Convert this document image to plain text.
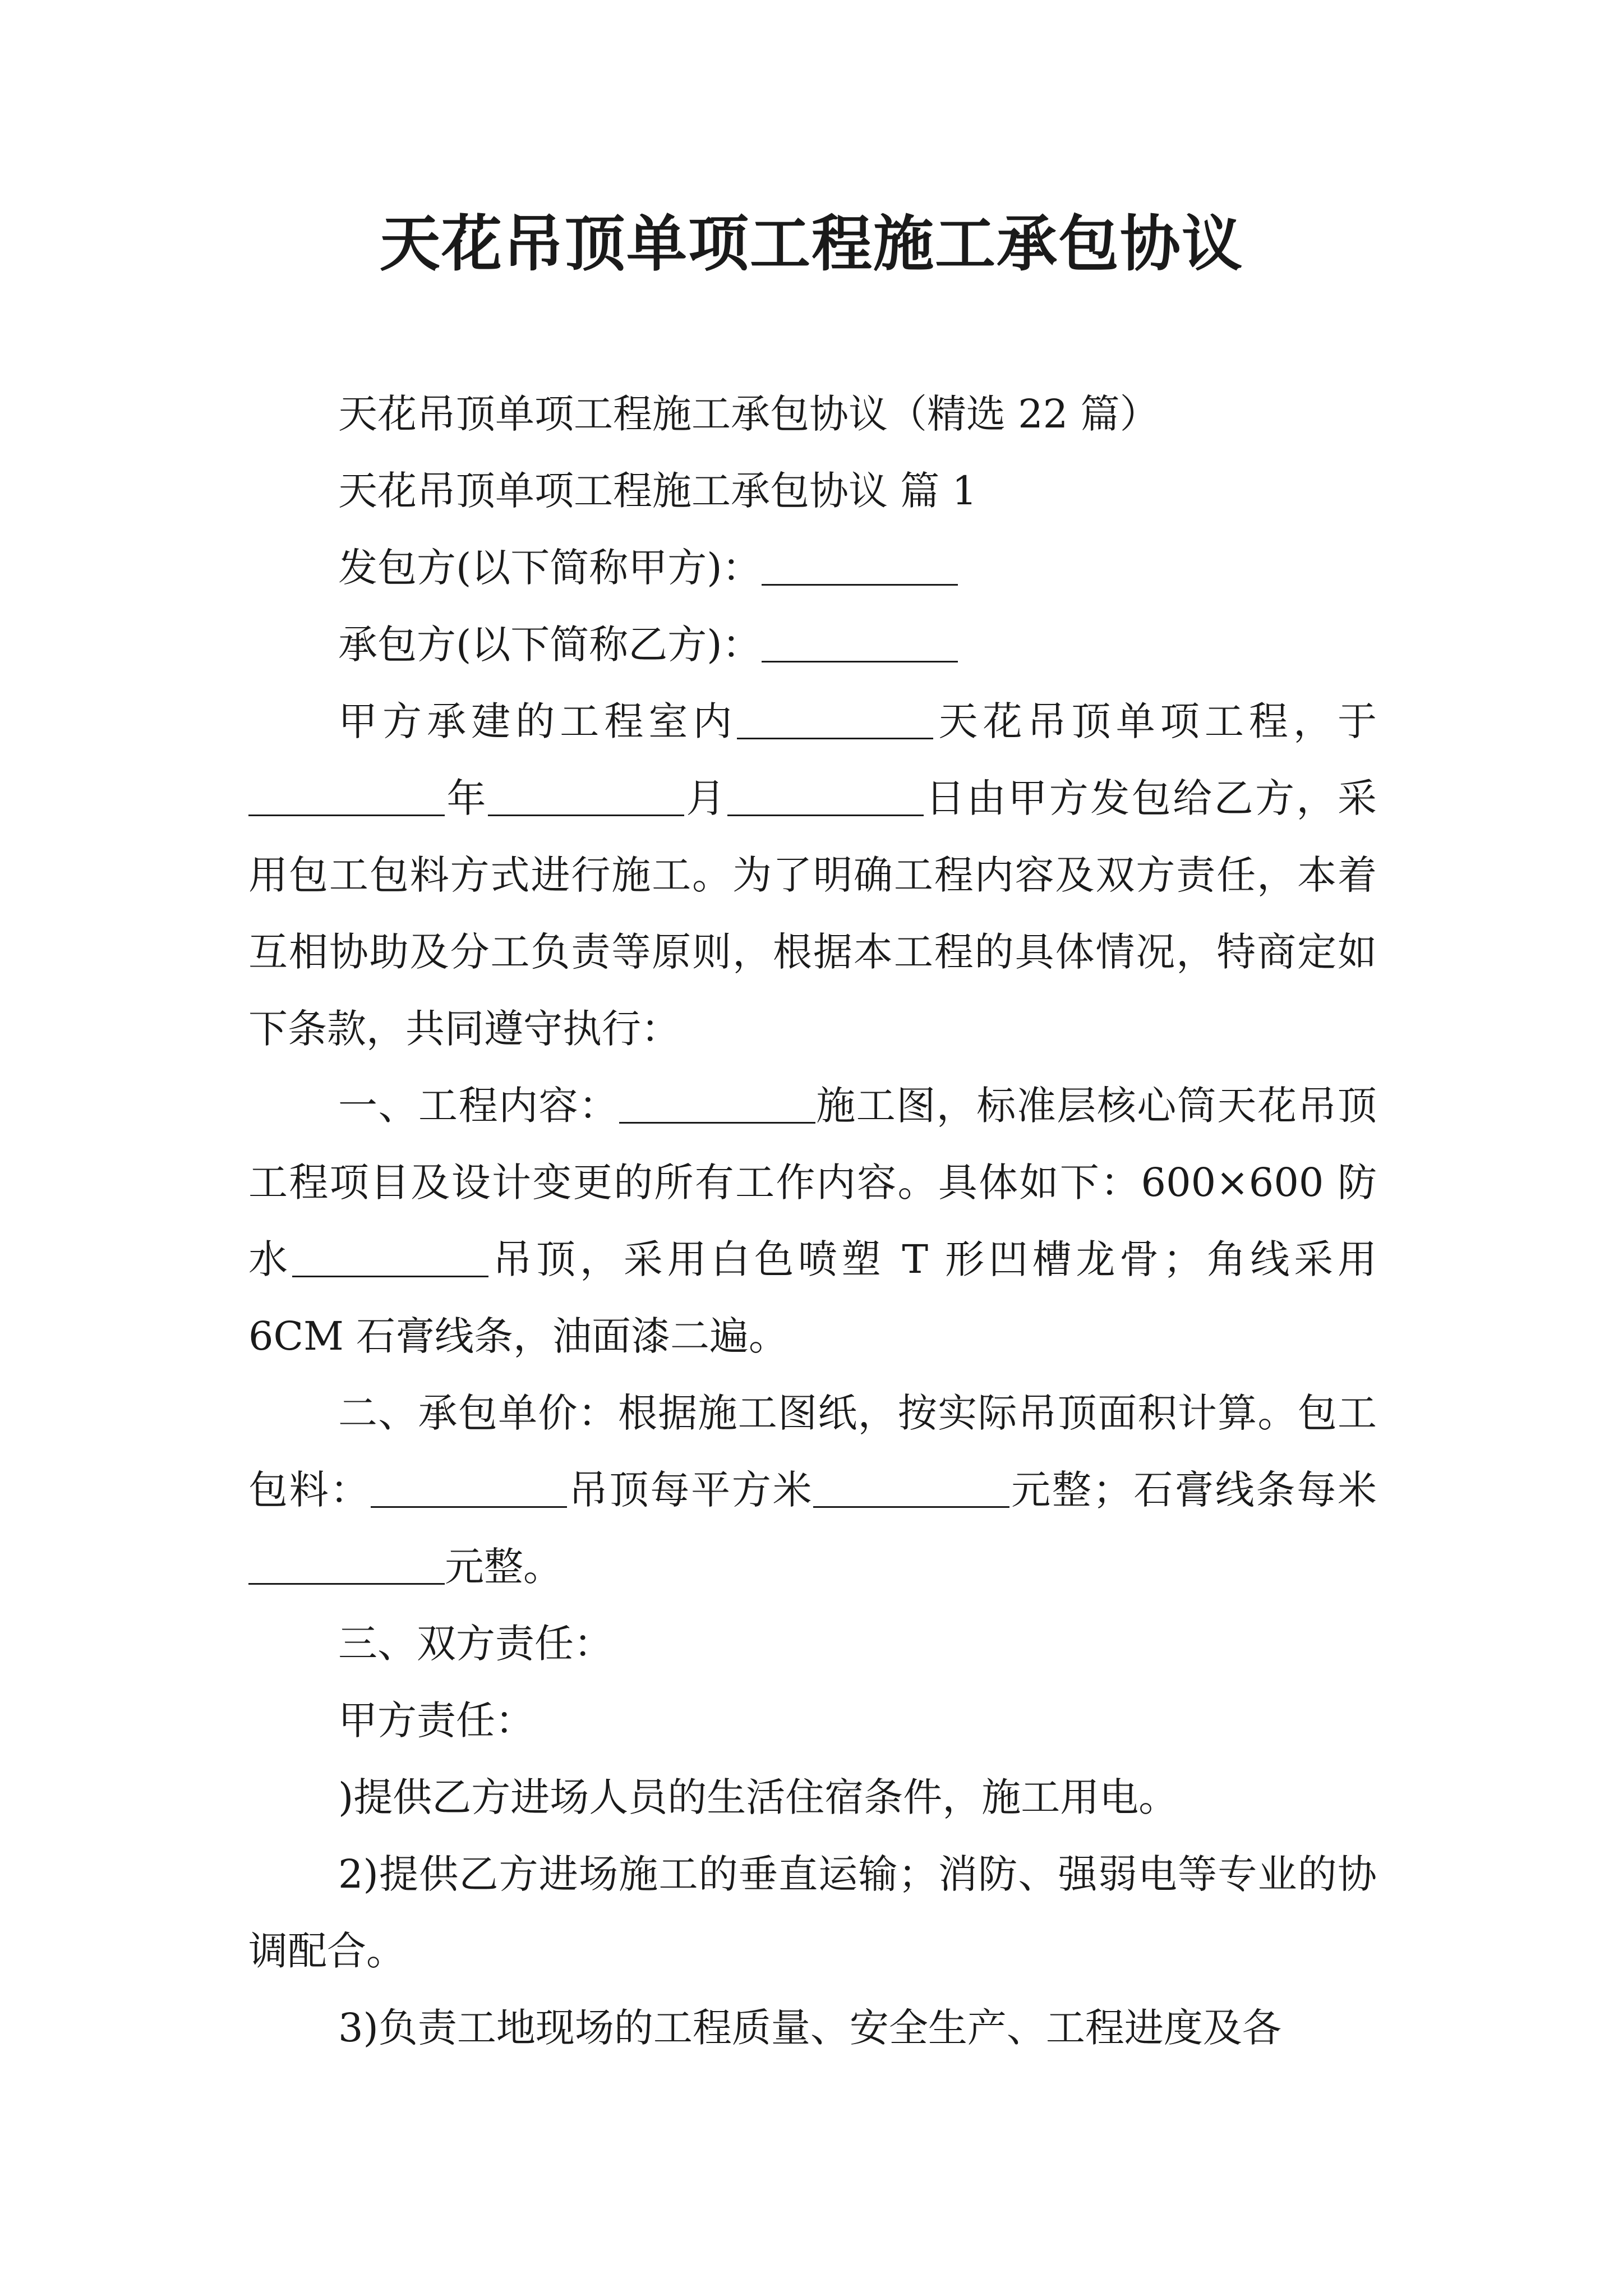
天花吊顶单项工程施工承包协议

天花吊顶单项工程施工承包协议（精选 22 篇）

天花吊顶单项工程施工承包协议 篇 1

发包方(以下简称甲方)：

承包方(以下简称乙方)：

甲方承建的工程室内	天花吊顶单项工程，于年	月	日由甲方发包给乙方，采用包工包料方式进行施工。为了明确工程内容及双方责任，本着互相协助及分工负责等原则，根据本工程的具体情况，特商定如下条款，共同遵守执行：

一、工程内容：	施工图，标准层核心筒天花吊顶工程项目及设计变更的所有工作内容。具体如下：600×600 防水	吊顶，采用白色喷塑 T 形凹槽龙骨；角线采用 6CM 石膏线条，油面漆二遍。

二、承包单价：根据施工图纸，按实际吊顶面积计算。包工包料：	吊顶每平方米	元整；石膏线条每米元整。

三、双方责任：

甲方责任：

)提供乙方进场人员的生活住宿条件，施工用电。

2)提供乙方进场施工的垂直运输；消防、强弱电等专业的协调配合。

3)负责工地现场的工程质量、安全生产、工程进度及各
